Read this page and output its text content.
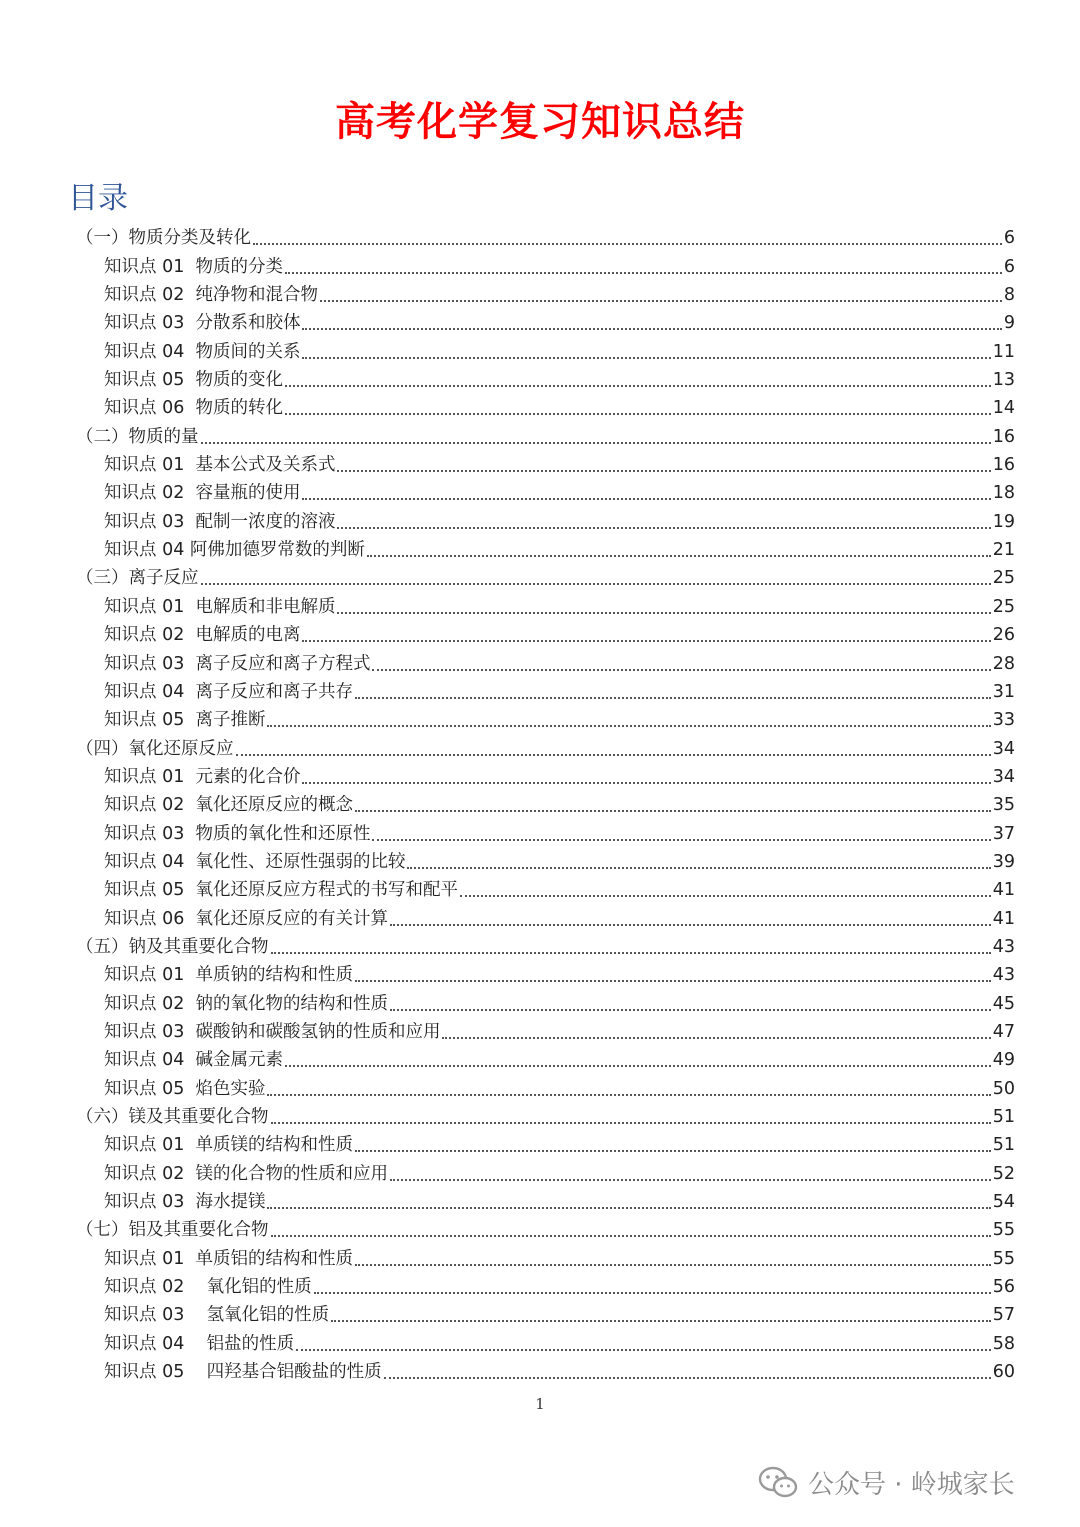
高考化学复习知识总结
目录
（一）物质分类及转化	6
知识点 01  物质的分类	6
知识点 02  纯净物和混合物	8
知识点 03  分散系和胶体	9
知识点 04  物质间的关系	11
知识点 05  物质的变化	13
知识点 06  物质的转化	14
（二）物质的量	16
知识点 01  基本公式及关系式	16
知识点 02  容量瓶的使用	18
知识点 03  配制一浓度的溶液	19
知识点 04 阿佛加德罗常数的判断	21
（三）离子反应	25
知识点 01  电解质和非电解质	25
知识点 02  电解质的电离	26
知识点 03  离子反应和离子方程式	28
知识点 04  离子反应和离子共存	31
知识点 05  离子推断	33
（四）氧化还原反应	34
知识点 01  元素的化合价	34
知识点 02  氧化还原反应的概念	35
知识点 03  物质的氧化性和还原性	37
知识点 04  氧化性、还原性强弱的比较	39
知识点 05  氧化还原反应方程式的书写和配平	41
知识点 06  氧化还原反应的有关计算	41
（五）钠及其重要化合物	43
知识点 01  单质钠的结构和性质	43
知识点 02  钠的氧化物的结构和性质	45
知识点 03  碳酸钠和碳酸氢钠的性质和应用	47
知识点 04  碱金属元素	49
知识点 05  焰色实验	50
（六）镁及其重要化合物	51
知识点 01  单质镁的结构和性质	51
知识点 02  镁的化合物的性质和应用	52
知识点 03  海水提镁	54
（七）铝及其重要化合物	55
知识点 01  单质铝的结构和性质	55
知识点 02    氧化铝的性质	56
知识点 03    氢氧化铝的性质	57
知识点 04    铝盐的性质	58
知识点 05    四羟基合铝酸盐的性质	60
1
公众号 · 岭城家长
